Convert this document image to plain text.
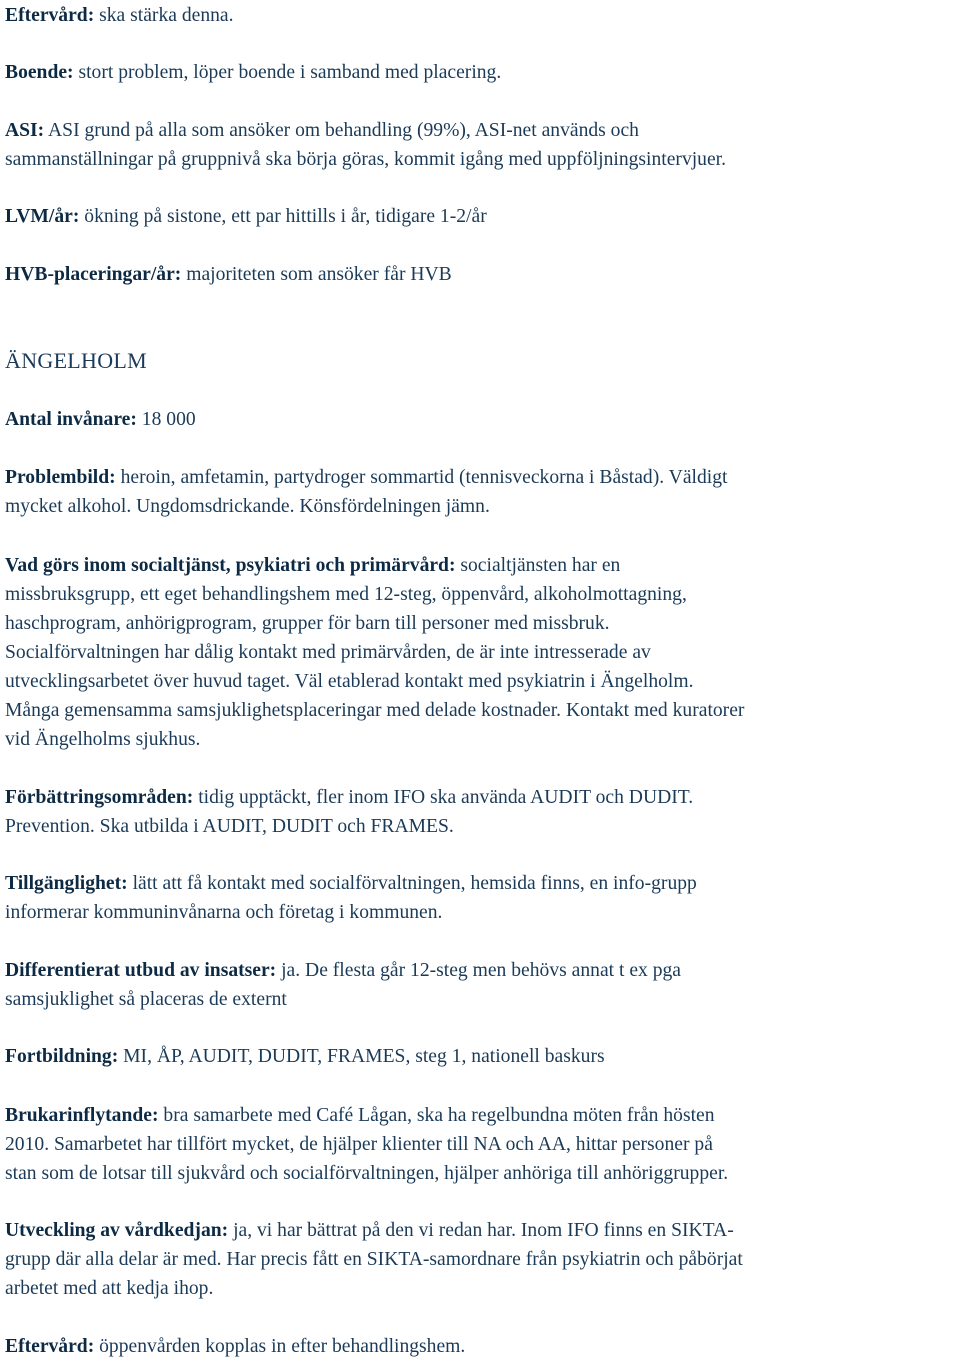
Eftervård: ska stärka denna.

Boende: stort problem, löper boende i samband med placering.

ASI: ASI grund på alla som ansöker om behandling (99%), ASI-net används och
sammanställningar på gruppnivå ska börja göras, kommit igång med uppföljningsintervjuer.

LVM/år: ökning på sistone, ett par hittills i år, tidigare 1-2/år

HVB-placeringar/år: majoriteten som ansöker får HVB

ÄNGELHOLM

Antal invånare: 18 000

Problembild: heroin, amfetamin, partydroger sommartid (tennisveckorna i Båstad). Väldigt
mycket alkohol. Ungdomsdrickande. Könsfördelningen jämn.

Vad görs inom socialtjänst, psykiatri och primärvård: socialtjänsten har en
missbruksgrupp, ett eget behandlingshem med 12-steg, öppenvård, alkoholmottagning,
haschprogram, anhörigprogram, grupper för barn till personer med missbruk.
Socialförvaltningen har dålig kontakt med primärvården, de är inte intresserade av
utvecklingsarbetet över huvud taget. Väl etablerad kontakt med psykiatrin i Ängelholm.
Många gemensamma samsjuklighetsplaceringar med delade kostnader. Kontakt med kuratorer
vid Ängelholms sjukhus.

Förbättringsområden: tidig upptäckt, fler inom IFO ska använda AUDIT och DUDIT.
Prevention. Ska utbilda i AUDIT, DUDIT och FRAMES.

Tillgänglighet: lätt att få kontakt med socialförvaltningen, hemsida finns, en info-grupp
informerar kommuninvånarna och företag i kommunen.

Differentierat utbud av insatser: ja. De flesta går 12-steg men behövs annat t ex pga
samsjuklighet så placeras de externt

Fortbildning: MI, ÅP, AUDIT, DUDIT, FRAMES, steg 1, nationell baskurs

Brukarinflytande: bra samarbete med Café Lågan, ska ha regelbundna möten från hösten
2010. Samarbetet har tillfört mycket, de hjälper klienter till NA och AA, hittar personer på
stan som de lotsar till sjukvård och socialförvaltningen, hjälper anhöriga till anhöriggrupper.

Utveckling av vårdkedjan: ja, vi har bättrat på den vi redan har. Inom IFO finns en SIKTA-
grupp där alla delar är med. Har precis fått en SIKTA-samordnare från psykiatrin och påbörjat
arbetet med att kedja ihop.

Eftervård: öppenvården kopplas in efter behandlingshem.
